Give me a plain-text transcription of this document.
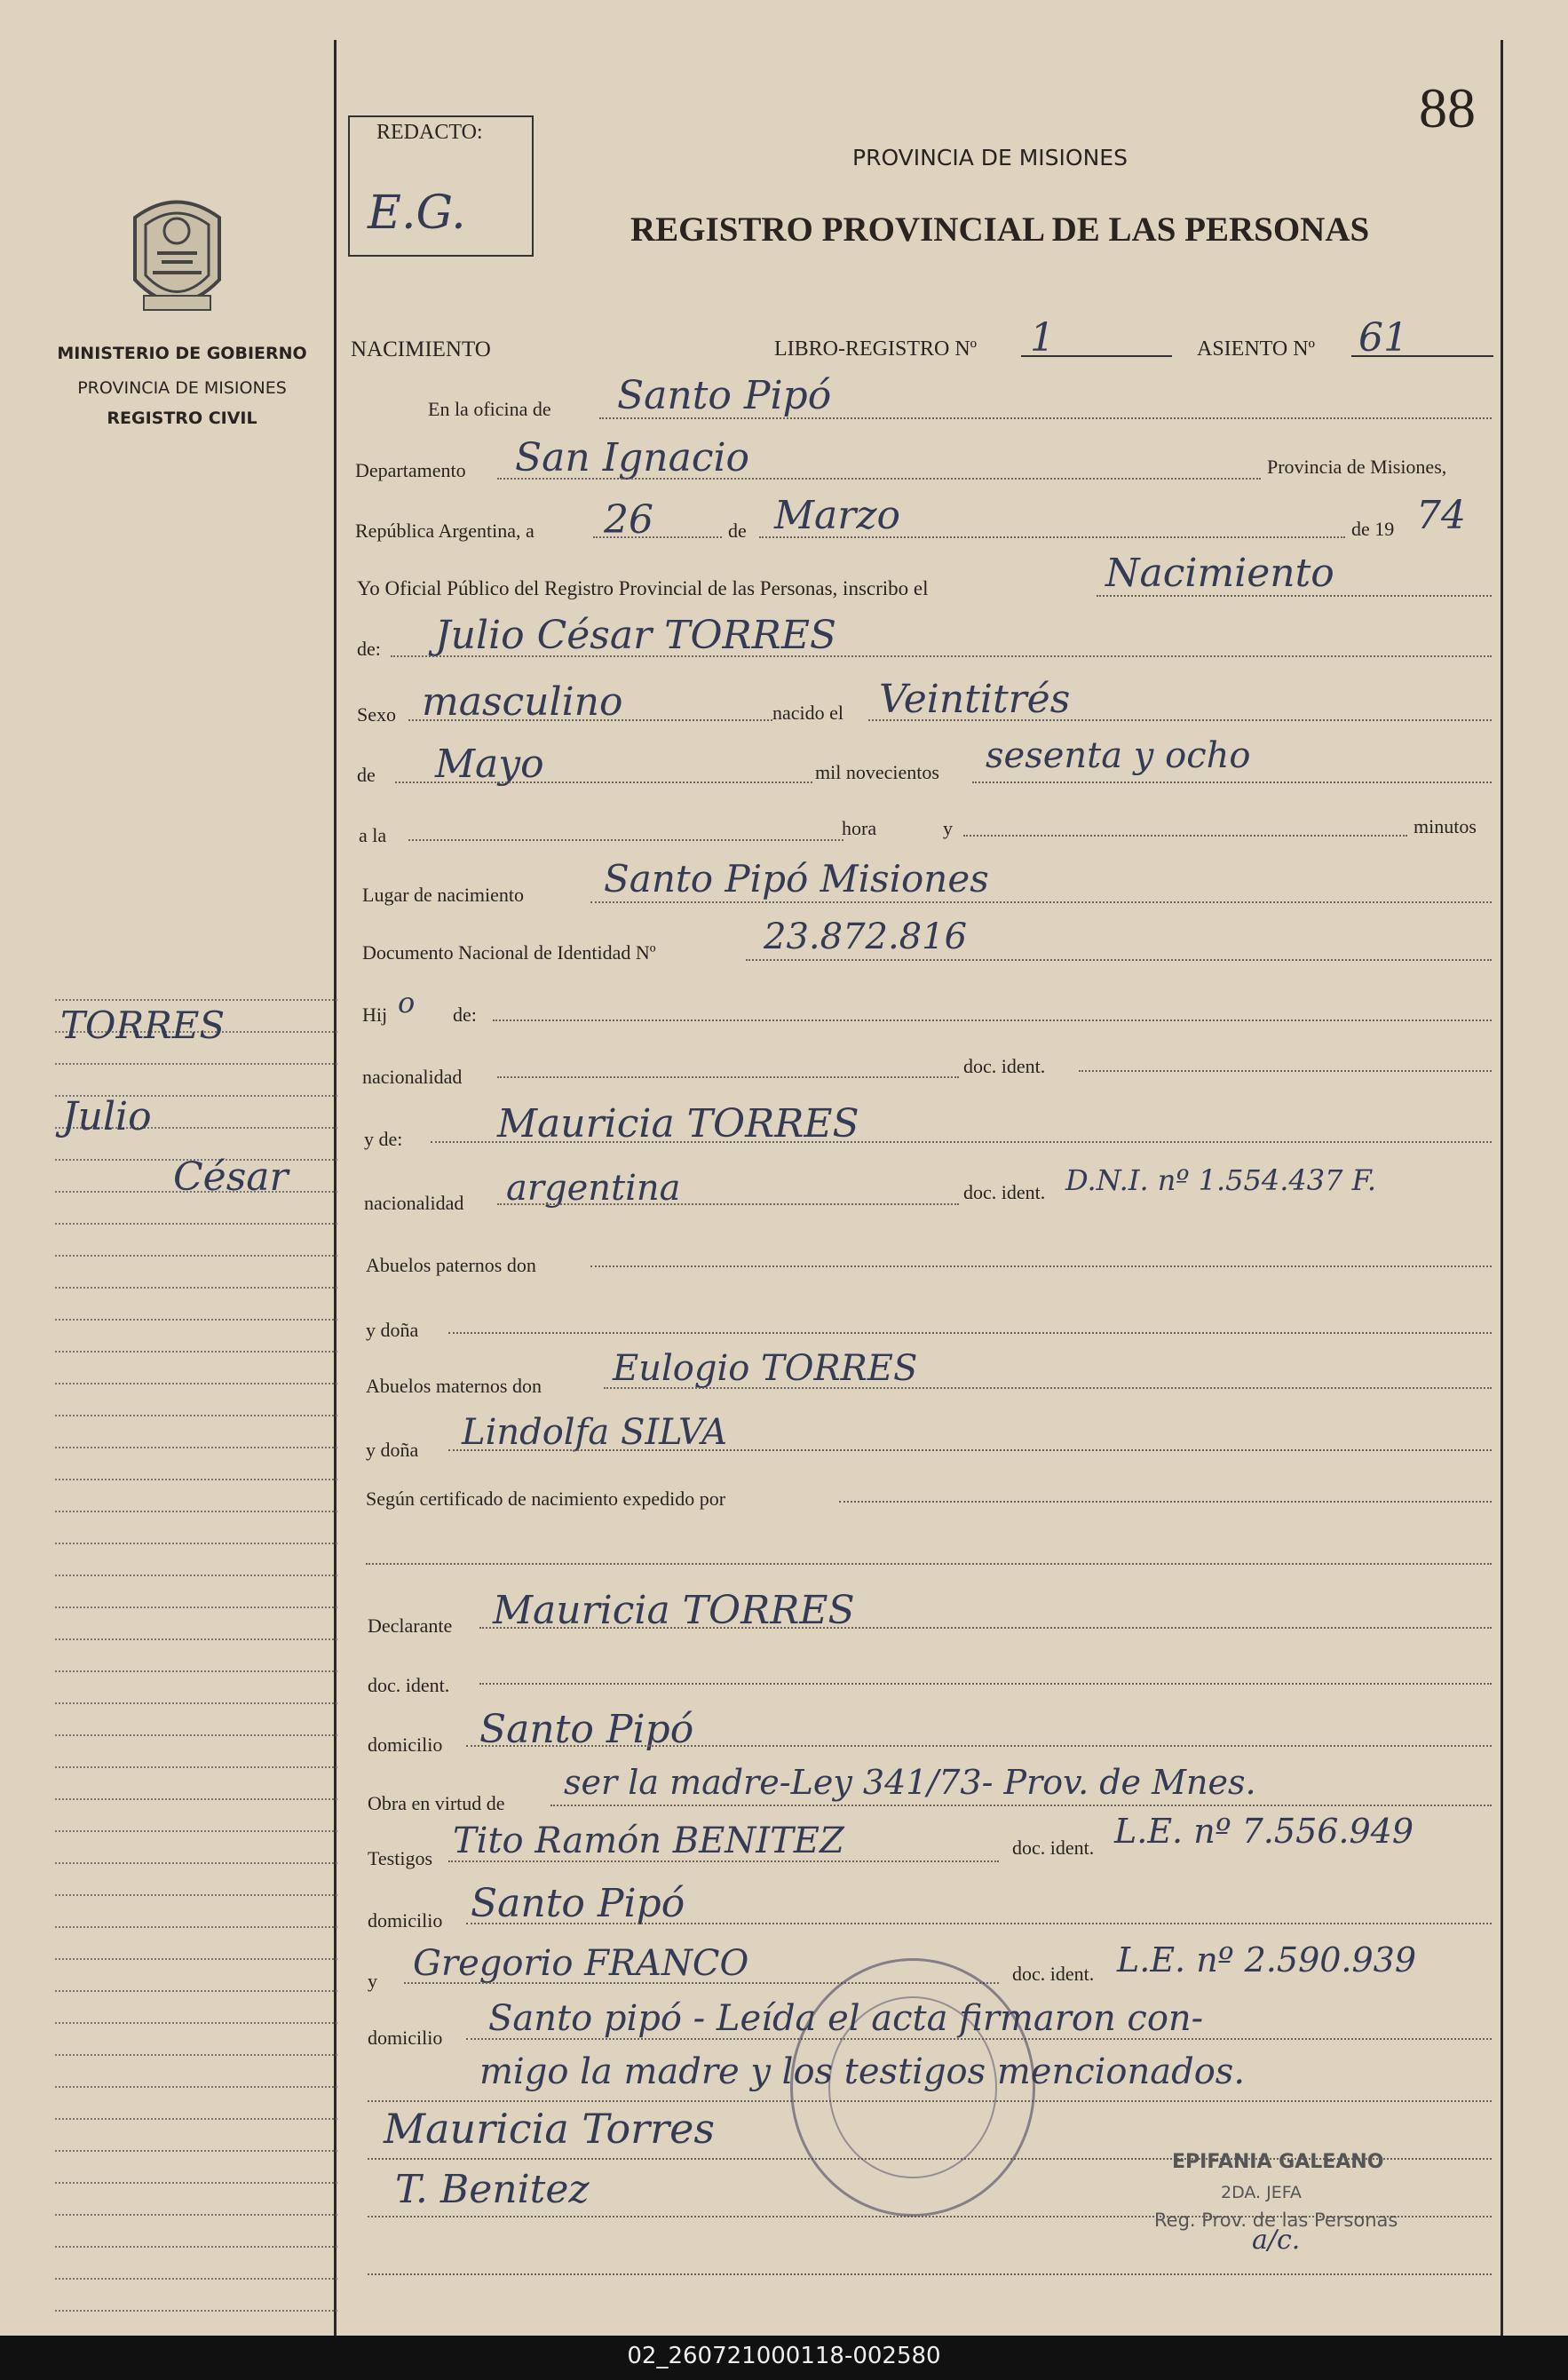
88
REDACTO:
E.G.
MINISTERIO DE GOBIERNO
PROVINCIA DE MISIONES
REGISTRO CIVIL
PROVINCIA DE MISIONES
REGISTRO PROVINCIAL DE LAS PERSONAS
TORRES
Julio
César
NACIMIENTO	LIBRO-REGISTRO Nº 1	ASIENTO Nº 61
En la oficina de Santo Pipó
Departamento San Ignacio	Provincia de Misiones,
República Argentina, a 26	de Marzo	de 19 74
Yo Oficial Público del Registro Provincial de las Personas, inscribo el	Nacimiento
de: Julio César TORRES
Sexo masculino	nacido el Veintitrés
de Mayo	mil novecientos sesenta y ocho
a la	hora	y	minutos
Lugar de nacimiento Santo Pipó Misiones
Documento Nacional de Identidad Nº	23.872.816
Hij o de:
nacionalidad	doc. ident.
y de: Mauricia TORRES
nacionalidad argentina	doc. ident. D.N.I. nº 1.554.437 F.
Abuelos paternos don
y doña
Abuelos maternos don Eulogio TORRES
y doña Lindolfa SILVA
Según certificado de nacimiento expedido por
Declarante Mauricia TORRES
doc. ident.
domicilio Santo Pipó
Obra en virtud de
ser la madre-Ley 341/73- Prov. de Mnes.
Testigos Tito Ramón BENITEZ	doc. ident. L.E. nº 7.556.949
domicilio Santo Pipó
y Gregorio FRANCO	doc. ident. L.E. nº 2.590.939
domicilio Santo pipó - Leída el acta firmaron con-
migo la madre y los testigos mencionados.
Mauricia Torres
T. Benitez
EPIFANIA GALEANO
2DA. JEFA
Reg. Prov. de las Personas
a/c.
02_260721000118-002580
